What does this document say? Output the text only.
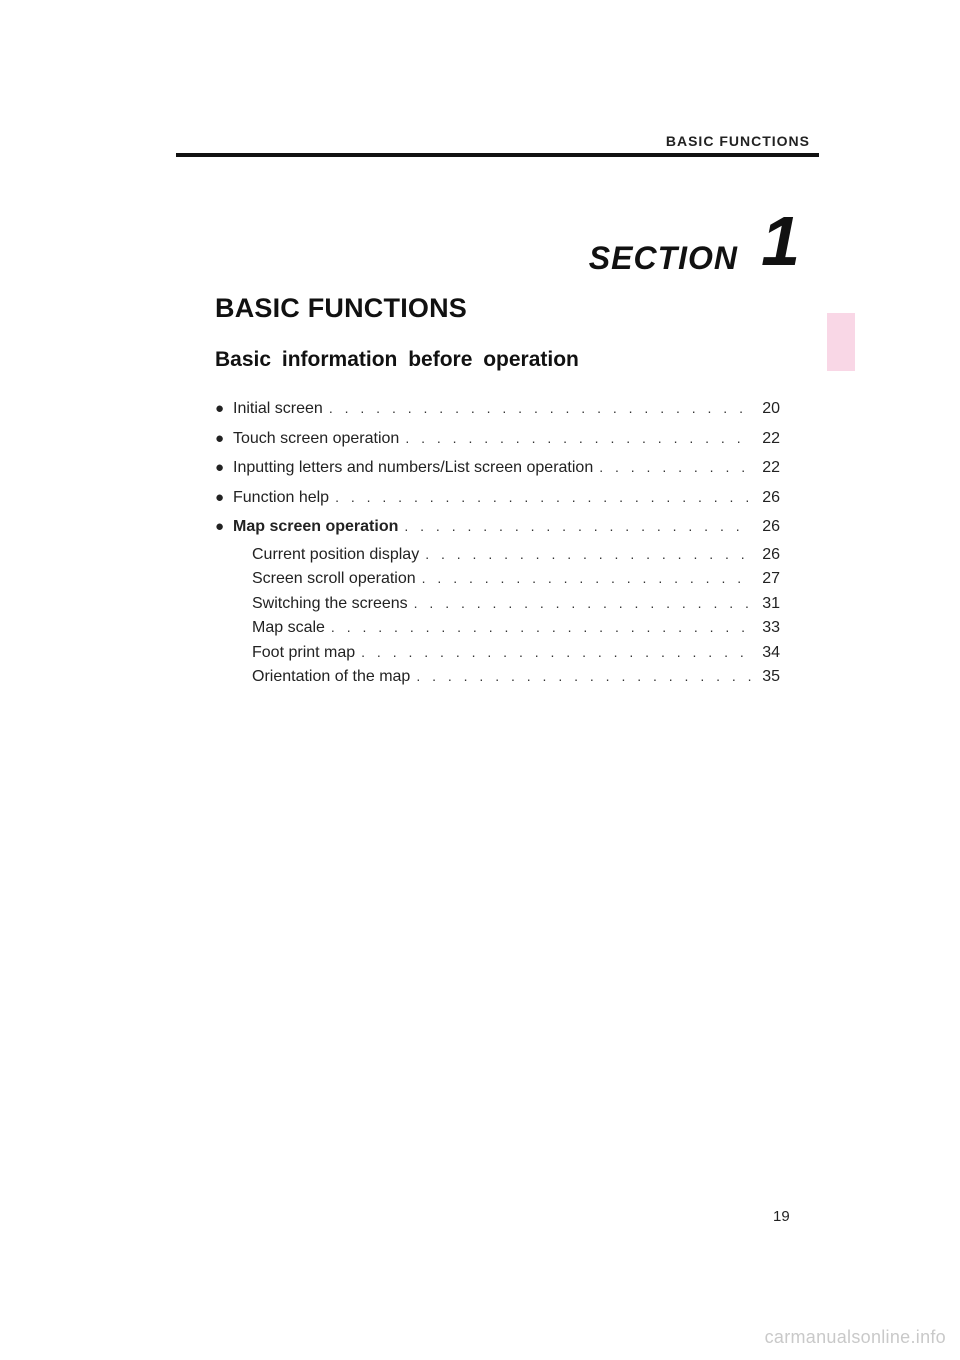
BASIC FUNCTIONS
SECTION 1
BASIC FUNCTIONS
Basic information before operation
● Initial screen . . .	20
● Touch screen operation . . .	22
● Inputting letters and numbers/List screen operation . . .	22
● Function help . . .	26
● Map screen operation . . .	26
Current position display . . .	26
Screen scroll operation . . .	27
Switching the screens . . .	31
Map scale . . .	33
Foot print map . . .	34
Orientation of the map . . .	35
19
carmanualsonline.info
